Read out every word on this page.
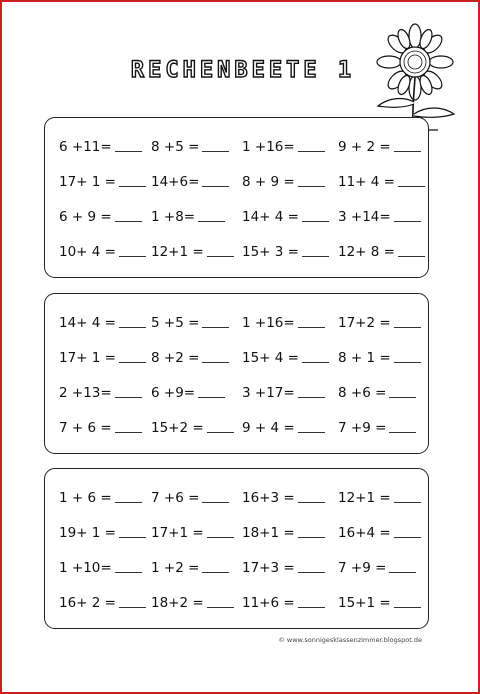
RECHENBEETE 1
6 +11=	8 +5 =	1 +16=	9 + 2 =
17+ 1 =	14+6=	8 + 9 =	11+ 4 =
6 + 9 =	1 +8=	14+ 4 =	3 +14=
10+ 4 =	12+1 =	15+ 3 =	12+ 8 =
14+ 4 =	5 +5 =	1 +16=	17+2 =
17+ 1 =	8 +2 =	15+ 4 =	8 + 1 =
2 +13=	6 +9=	3 +17=	8 +6 =
7 + 6 =	15+2 =	9 + 4 =	7 +9 =
1 + 6 =	7 +6 =	16+3 =	12+1 =
19+ 1 =	17+1 =	18+1 =	16+4 =
1 +10=	1 +2 =	17+3 =	7 +9 =
16+ 2 =	18+2 =	11+6 =	15+1 =
© www.sonnigesklassenzimmer.blogspot.de
